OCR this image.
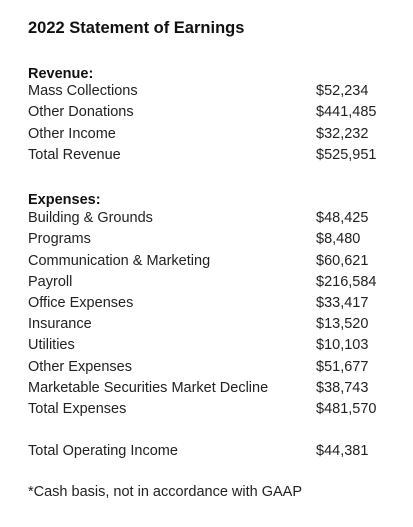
2022 Statement of Earnings
Revenue:
Mass Collections	$52,234
Other Donations	$441,485
Other Income	$32,232
Total Revenue	$525,951
Expenses:
Building & Grounds	$48,425
Programs	$8,480
Communication & Marketing	$60,621
Payroll	$216,584
Office Expenses	$33,417
Insurance	$13,520
Utilities	$10,103
Other Expenses	$51,677
Marketable Securities Market Decline	$38,743
Total Expenses	$481,570
Total Operating Income	$44,381
*Cash basis, not in accordance with GAAP
